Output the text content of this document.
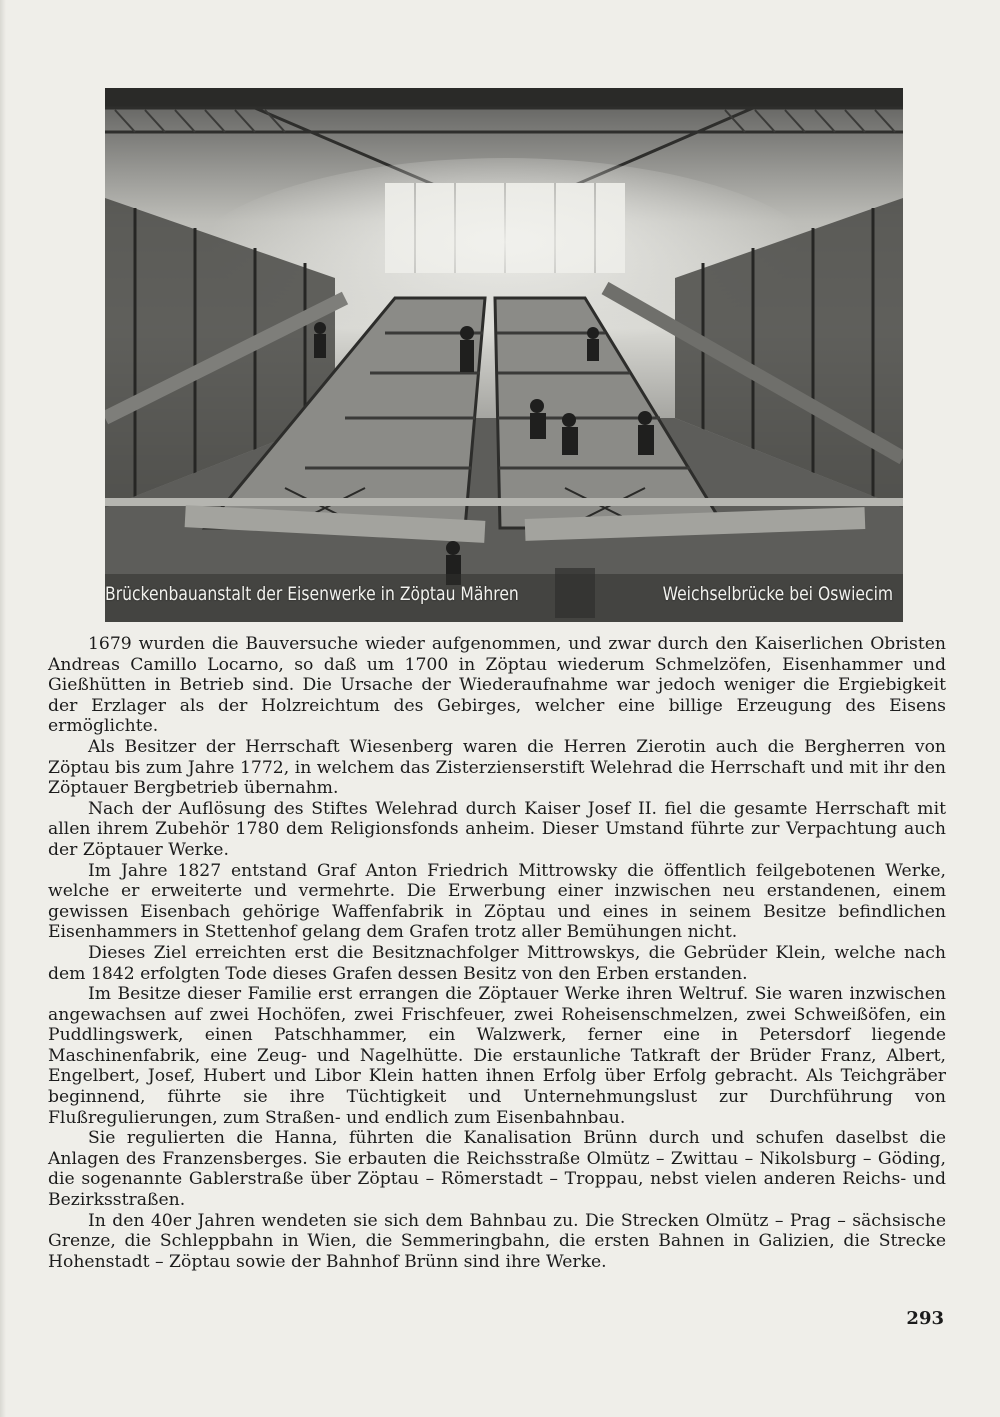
Brückenbauanstalt der Eisenwerke in Zöptau Mähren	Weichselbrücke bei Oswiecim

1679 wurden die Bauversuche wieder aufgenommen, und zwar durch den Kaiserlichen Obristen Andreas Camillo Locarno, so daß um 1700 in Zöptau wiederum Schmelzöfen, Eisenhammer und Gießhütten in Betrieb sind. Die Ursache der Wiederaufnahme war jedoch weniger die Ergiebigkeit der Erzlager als der Holzreichtum des Gebirges, welcher eine billige Erzeugung des Eisens ermöglichte.

Als Besitzer der Herrschaft Wiesenberg waren die Herren Zierotin auch die Bergherren von Zöptau bis zum Jahre 1772, in welchem das Zisterzienserstift Welehrad die Herrschaft und mit ihr den Zöptauer Bergbetrieb übernahm.

Nach der Auflösung des Stiftes Welehrad durch Kaiser Josef II. fiel die gesamte Herrschaft mit allen ihrem Zubehör 1780 dem Religionsfonds anheim. Dieser Umstand führte zur Verpachtung auch der Zöptauer Werke.

Im Jahre 1827 entstand Graf Anton Friedrich Mittrowsky die öffentlich feilgebotenen Werke, welche er erweiterte und vermehrte. Die Erwerbung einer inzwischen neu erstandenen, einem gewissen Eisenbach gehörige Waffenfabrik in Zöptau und eines in seinem Besitze befindlichen Eisenhammers in Stettenhof gelang dem Grafen trotz aller Bemühungen nicht.

Dieses Ziel erreichten erst die Besitznachfolger Mittrowskys, die Gebrüder Klein, welche nach dem 1842 erfolgten Tode dieses Grafen dessen Besitz von den Erben erstanden.

Im Besitze dieser Familie erst errangen die Zöptauer Werke ihren Weltruf. Sie waren inzwischen angewachsen auf zwei Hochöfen, zwei Frischfeuer, zwei Roheisenschmelzen, zwei Schweißöfen, ein Puddlingswerk, einen Patschhammer, ein Walzwerk, ferner eine in Petersdorf liegende Maschinenfabrik, eine Zeug- und Nagelhütte. Die erstaunliche Tatkraft der Brüder Franz, Albert, Engelbert, Josef, Hubert und Libor Klein hatten ihnen Erfolg über Erfolg gebracht. Als Teichgräber beginnend, führte sie ihre Tüchtigkeit und Unternehmungslust zur Durchführung von Flußregulierungen, zum Straßen- und endlich zum Eisenbahnbau.

Sie regulierten die Hanna, führten die Kanalisation Brünn durch und schufen daselbst die Anlagen des Franzensberges. Sie erbauten die Reichsstraße Olmütz – Zwittau – Nikolsburg – Göding, die sogenannte Gablerstraße über Zöptau – Römerstadt – Troppau, nebst vielen anderen Reichs- und Bezirksstraßen.

In den 40er Jahren wendeten sie sich dem Bahnbau zu. Die Strecken Olmütz – Prag – sächsische Grenze, die Schleppbahn in Wien, die Semmeringbahn, die ersten Bahnen in Galizien, die Strecke Hohenstadt – Zöptau sowie der Bahnhof Brünn sind ihre Werke.

293
